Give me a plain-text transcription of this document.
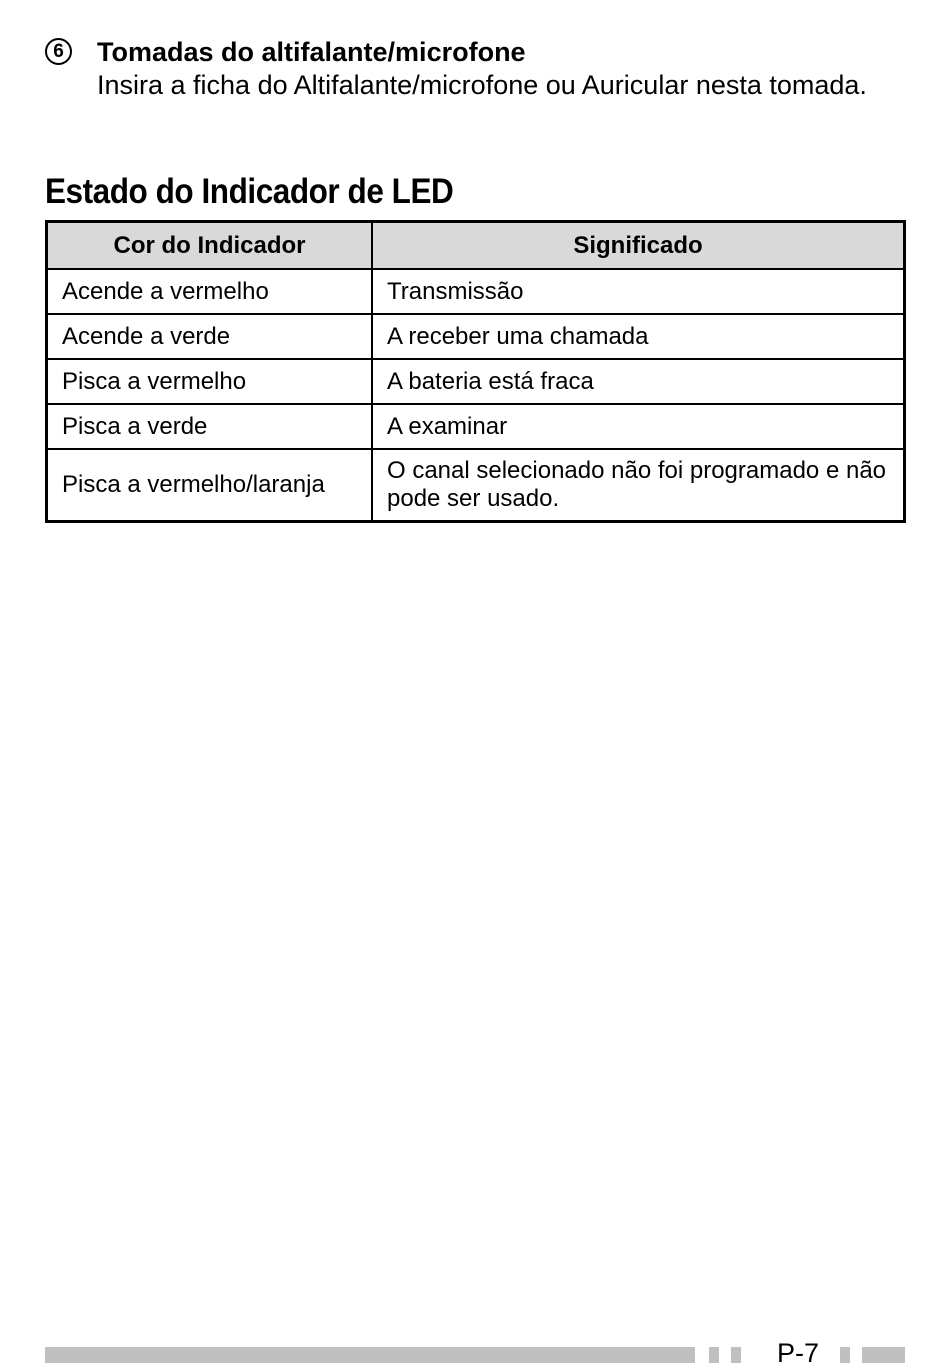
6	Tomadas do altifalante/microfone
Insira a ficha do Altifalante/microfone ou Auricular nesta tomada.
Estado do Indicador de LED
Cor do Indicador	Significado
Acende a vermelho	Transmissão
Acende a verde	A receber uma chamada
Pisca a vermelho	A bateria está fraca
Pisca a verde	A examinar
Pisca a vermelho/laranja	O canal selecionado não foi programado e não pode ser usado.
P-7
